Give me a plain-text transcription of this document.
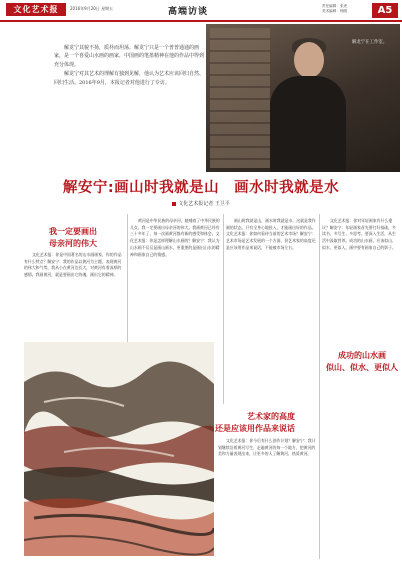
文化艺术报	2016年9月20日 星期五	高端访谈
责任编辑：张虎
美术编辑：杨刚	A5

解龙宁其貌不扬，质朴而坦荡。解龙宁只是一个普普通通的画家，是一个喜爱山水画的画家，中国画的笔墨精神在他的作品中得到充分体现。

解龙宁对其艺术的理解有独到见解，他认为艺术应该回归自然、回归生活。2016年9月，本报记者对他进行了专访。

解龙宁在工作室。
解安宁:画山时我就是山　画水时我就是水
文化艺术报记者 王卫平
我一定要画出
母亲河的伟大
艺术家的高度
还是应该用作品来说话
成功的山水画
似山、似水、更似人

文化艺术报：你是中国著名的山水画画家，你的作品有什么特点？解安宁：我的作品以黄河为主题，表现黄河的伟大和气势。我从小在黄河边长大，对黄河有着深厚的感情。我画黄河，就是要画出它的魂，画出它的精神。

黄河是中华民族的母亲河，她哺育了中华民族的儿女。我一定要画出母亲河的伟大。我画黄河已经有三十多年了，每一次画黄河都有新的感受和体会。文化艺术报：你是怎样理解山水画的？解安宁：我认为山水画不仅仅是画山画水，更重要的是画出山水的精神和画家自己的情感。

画山时我就是山，画水时我就是水，这就是我作画的状态。只有全身心地投入，才能画出好的作品。文化艺术报：你如何看待当前的艺术市场？解安宁：艺术市场是艺术发展的一个方面，但艺术家的高度还是应该用作品来说话，不能被市场左右。

文化艺术报：你对年轻画家有什么建议？解安宁：年轻画家首先要打好基础，多读书、多写生、多思考。要深入生活，从生活中汲取营养。成功的山水画，应该似山、似水，更似人，画中要有画家自己的影子。

文化艺术报：你今后有什么创作计划？解安宁：我计划继续沿着黄河写生，走遍黄河的每一个地方，把黄河的美和力量表现出来，让更多的人了解黄河、热爱黄河。
